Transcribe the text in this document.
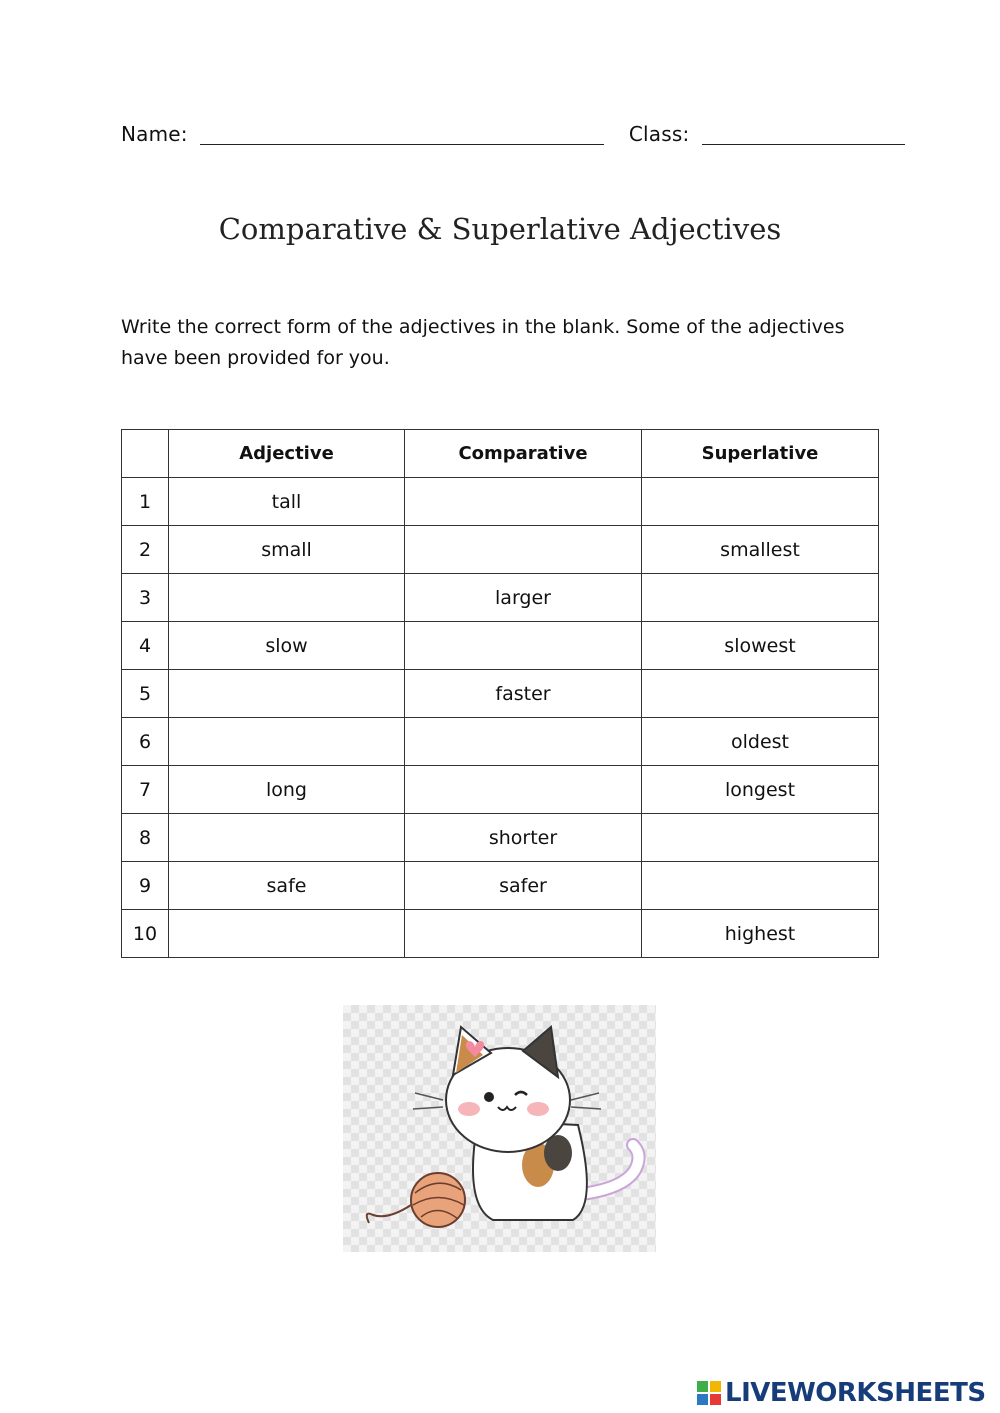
Name:	Class:
Comparative & Superlative Adjectives
Write the correct form of the adjectives in the blank. Some of the adjectives have been provided for you.
	Adjective	Comparative	Superlative
1	tall		
2	small		smallest
3		larger	
4	slow		slowest
5		faster	
6			oldest
7	long		longest
8		shorter	
9	safe	safer	
10			highest
LIVEWORKSHEETS
